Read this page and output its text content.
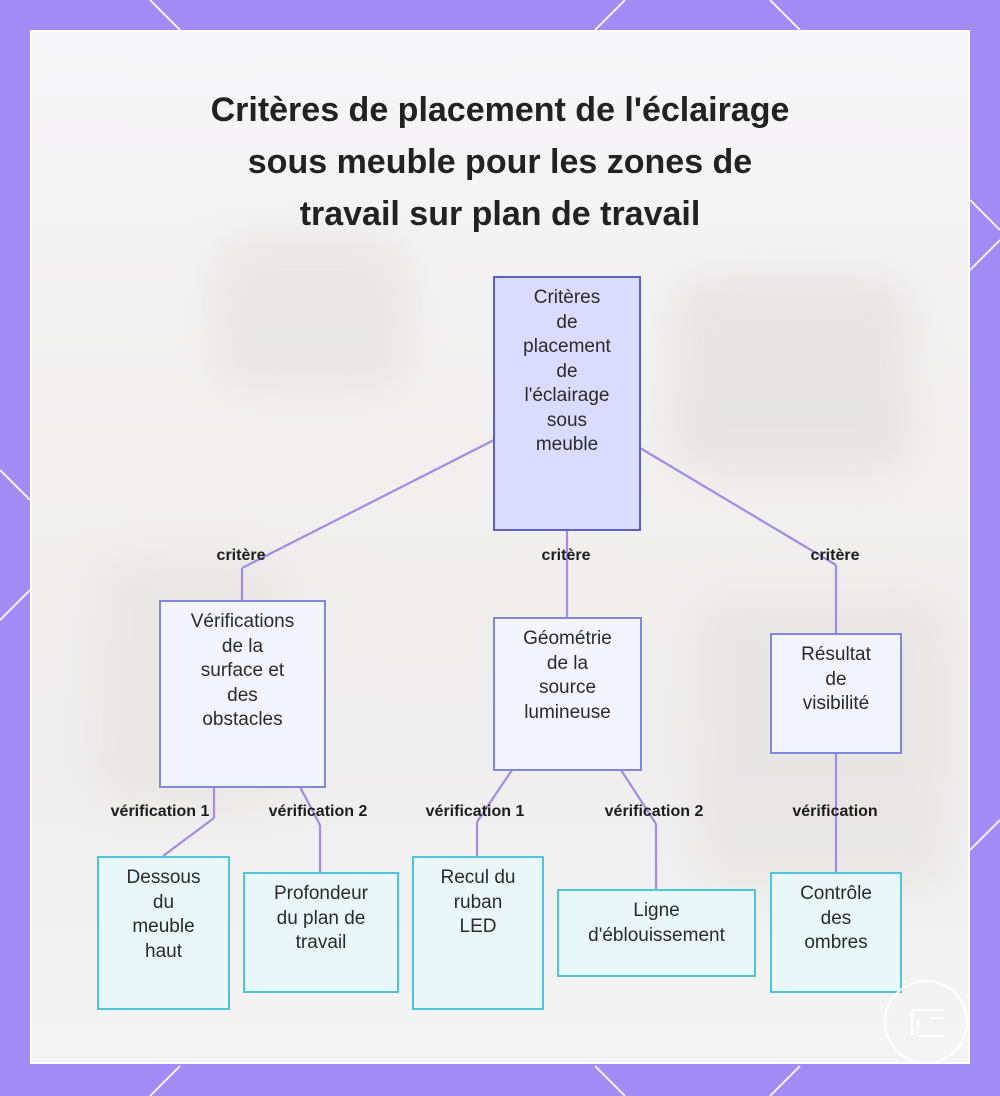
Critères de placement de l'éclairage
sous meuble pour les zones de
travail sur plan de travail
Critères
de
placement
de
l'éclairage
sous
meuble
Vérifications
de la
surface et
des
obstacles
Géométrie
de la
source
lumineuse
Résultat
de
visibilité
Dessous
du
meuble
haut
Profondeur
du plan de
travail
Recul du
ruban
LED
Ligne
d'éblouissement
Contrôle
des
ombres
critère	critère	critère
vérification 1	vérification 2	vérification 1	vérification 2	vérification
